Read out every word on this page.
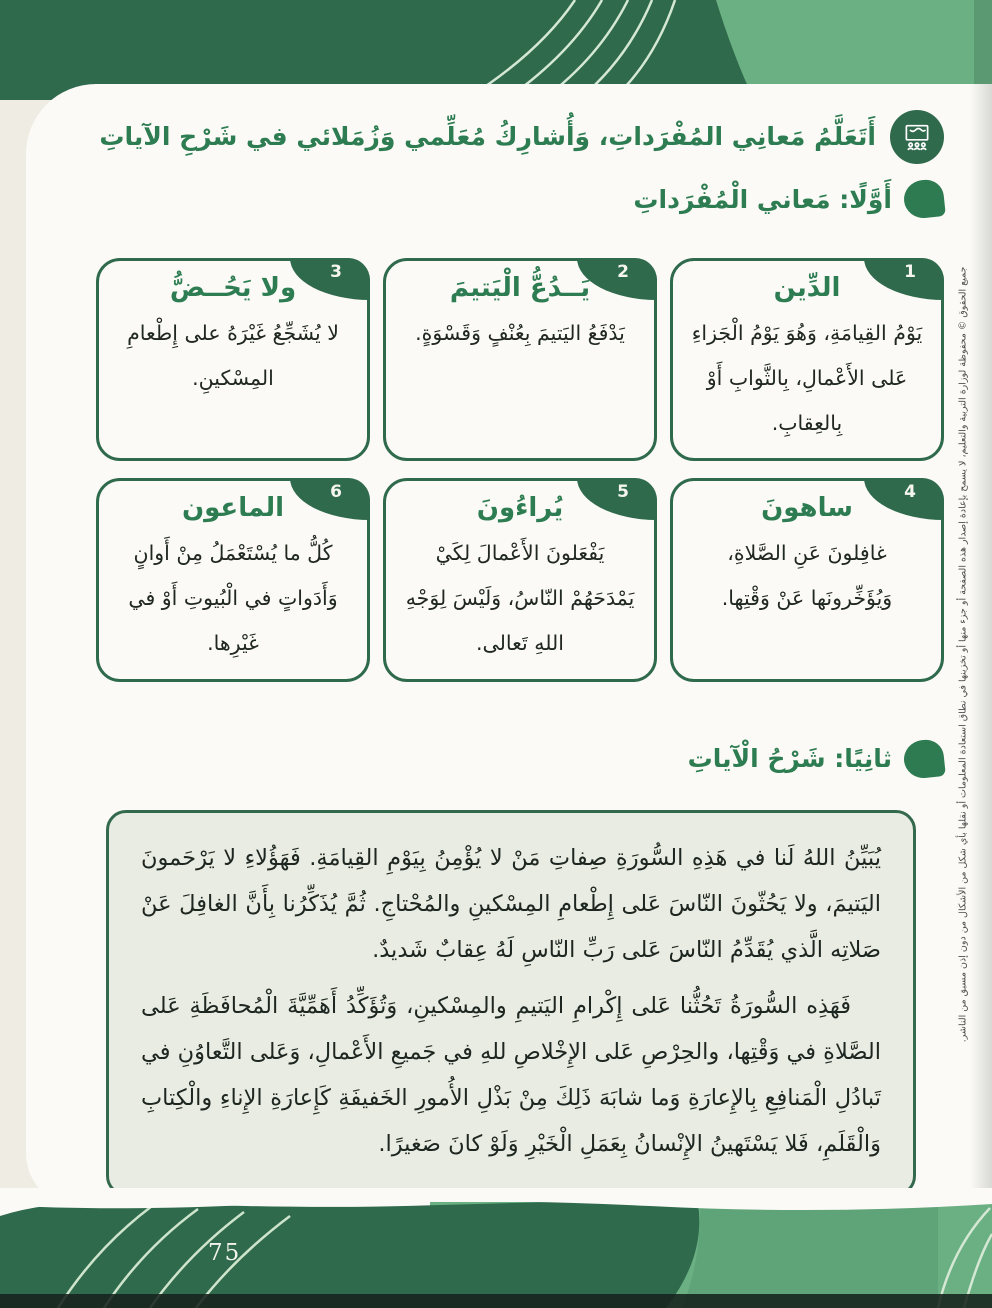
أَتَعَلَّمُ مَعانِي المُفْرَداتِ، وَأُشارِكُ مُعَلِّمي وَزُمَلائي في شَرْحِ الآياتِ
أَوَّلًا: مَعاني الْمُفْرَداتِ
1
الدِّين
يَوْمُ القِيامَةِ، وَهُوَ يَوْمُ الْجَزاءِ عَلى الأَعْمالِ، بِالثَّوابِ أَوْ بِالعِقابِ.
2
يَــدُعُّ الْيَتيمَ
يَدْفَعُ اليَتيمَ بِعُنْفٍ وَقَسْوَةٍ.
3
ولا يَحُــضُّ
لا يُشَجِّعُ غَيْرَهُ على إِطْعامِ المِسْكينِ.
4
ساهونَ
غافِلونَ عَنِ الصَّلاةِ، وَيُؤَخِّرونَها عَنْ وَقْتِها.
5
يُراءُونَ
يَفْعَلونَ الأَعْمالَ لِكَيْ يَمْدَحَهُمْ النّاسُ، وَلَيْسَ لِوَجْهِ اللهِ تَعالى.
6
الماعون
كُلُّ ما يُسْتَعْمَلُ مِنْ أَوانٍ وَأَدَواتٍ في الْبُيوتِ أَوْ في غَيْرِها.
ثانِيًا: شَرْحُ الْآياتِ

يُبَيِّنُ اللهُ لَنا في هَذِهِ السُّورَةِ صِفاتِ مَنْ لا يُؤْمِنُ بِيَوْمِ القِيامَةِ. فَهَؤُلاءِ لا يَرْحَمونَ اليَتيمَ، ولا يَحُثّونَ النّاسَ عَلى إِطْعامِ المِسْكينِ والمُحْتاجِ. ثُمَّ يُذَكِّرُنا بِأَنَّ الغافِلَ عَنْ صَلاتِه الَّذي يُقَدِّمُ النّاسَ عَلى رَبِّ النّاسِ لَهُ عِقابٌ شَديدٌ.

فَهَذِه السُّورَةُ تَحُثُّنا عَلى إِكْرامِ اليَتيمِ والمِسْكينِ، وَتُؤَكِّدُ أَهَمِّيَّةَ الْمُحافَظَةِ عَلى الصَّلاةِ في وَقْتِها، والحِرْصِ عَلى الإِخْلاصِ للهِ في جَميعِ الأَعْمالِ، وَعَلى التَّعاوُنِ في تَبادُلِ الْمَنافِعِ بِالإِعارَةِ وَما شابَهَ ذَلِكَ مِنْ بَذْلِ الأُمورِ الخَفيفَةِ كَإِعارَةِ الإِناءِ والْكِتابِ وَالْقَلَمِ، فَلا يَسْتَهينُ الإِنْسانُ بِعَمَلِ الْخَيْرِ وَلَوْ كانَ صَغيرًا.

75
جميع الحقوق © محفوظة لوزارة التربية والتعليم، لا يسمح بإعادة إصدار هذه الصفحة أو جزء منها أو تخزينها في نطاق استعادة المعلومات أو نقلها بأي شكل من الأشكال من دون إذن مسبق من الناشر.
